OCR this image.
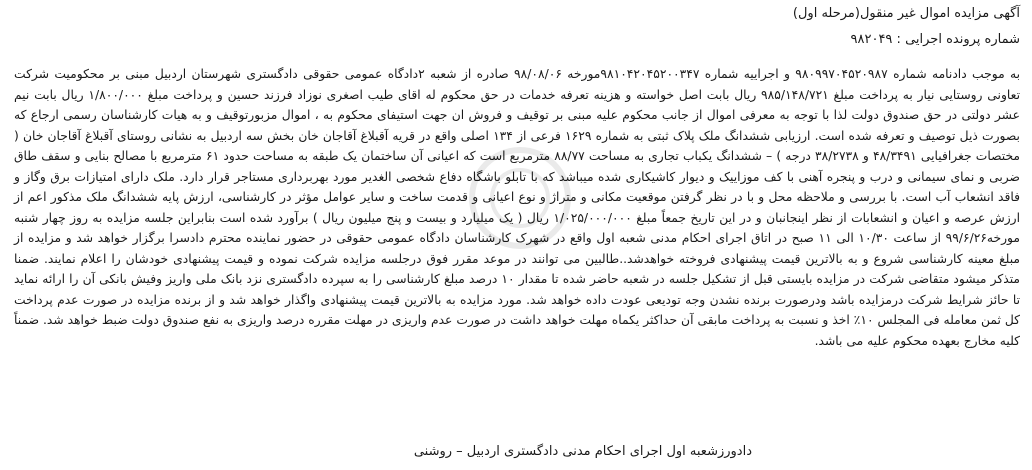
آگهی مزایده اموال غیر منقول(مرحله اول)
شماره پرونده اجرایی : ۹۸۲۰۴۹
به موجب دادنامه شماره ۹۸۰۹۹۷۰۴۵۲۰۹۸۷ و اجراییه شماره ۹۸۱۰۴۲۰۴۵۲۰۰۳۴۷مورخه ۹۸/۰۸/۰۶ صادره از شعبه ۲دادگاه عمومی حقوقی دادگستری شهرستان اردبیل مبنی بر محکومیت شرکت تعاونی روستایی نیار به پرداخت مبلغ ۹۸۵/۱۴۸/۷۲۱ ریال بابت اصل خواسته و هزینه تعرفه خدمات در حق محکوم له اقای طیب اصغری نوزاد فرزند حسین و پرداخت مبلغ ۱/۸۰۰/۰۰۰ ریال بابت نیم عشر دولتی در حق صندوق دولت لذا با توجه به معرفی اموال از جانب محکوم علیه مبنی بر توقیف و فروش ان جهت استیفای محکوم به ، اموال مزبورتوقیف و به هیات کارشناسان رسمی ارجاع که بصورت ذیل توصیف و تعرفه شده است. ارزیابی ششدانگ ملک پلاک ثبتی به شماره ۱۶۲۹ فرعی از ۱۳۴ اصلی واقع در قریه آقبلاغ آقاجان خان بخش سه اردبیل به نشانی روستای آقبلاغ آقاجان خان ( مختصات جغرافیایی ۴۸/۳۴۹۱ و ۳۸/۲۷۳۸ درجه ) – ششدانگ یکباب تجاری به مساحت ۸۸/۷۷ مترمربع است که اعیانی آن ساختمان یک طبقه به مساحت حدود ۶۱ مترمربع با مصالح بنایی و سقف طاق ضربی و نمای سیمانی و درب و پنجره آهنی با کف موزاییک و دیوار کاشیکاری شده میباشد که با تابلو باشگاه دفاع شخصی الغدیر مورد بهربرداری مستاجر قرار دارد. ملک دارای امتیازات برق وگاز و فاقد انشعاب آب است. با بررسی و ملاحظه محل و با در نظر گرفتن موقعیت مکانی و متراژ و نوع اعیانی و قدمت ساخت و سایر عوامل مؤثر در کارشناسی، ارزش پایه ششدانگ ملک مذکور اعم از ارزش عرصه و اعیان و انشعابات از نظر اینجانبان و در این تاریخ جمعاً مبلغ ۱/۰۲۵/۰۰۰/۰۰۰ ریال ( یک میلیارد و بیست و پنج میلیون ریال ) برآورد شده است بنابراین جلسه مزایده به روز چهار شنبه مورخه۹۹/۶/۲۶ از ساعت ۱۰/۳۰ الی ۱۱ صبح در اتاق اجرای احکام مدنی شعبه اول واقع در شهرک کارشناسان دادگاه عمومی حقوقی در حضور نماینده محترم دادسرا برگزار خواهد شد و مزایده از مبلغ معینه کارشناسی شروع و به بالاترین قیمت پیشنهادی فروخته خواهدشد..طالبین می توانند در موعد مقرر فوق درجلسه مزایده شرکت نموده و قیمت پیشنهادی خودشان را اعلام نمایند. ضمنا متذکر میشود متقاضی شرکت در مزایده بایستی قبل از تشکیل جلسه در شعبه حاضر شده تا مقدار ۱۰ درصد مبلغ کارشناسی را به سپرده دادگستری نزد بانک ملی واریز وفیش بانکی آن را ارائه نماید تا حائز شرایط شرکت درمزایده باشد ودرصورت برنده نشدن وجه تودیعی عودت داده خواهد شد. مورد مزایده به بالاترین قیمت پیشنهادی واگذار خواهد شد و از برنده مزایده در صورت عدم پرداخت کل ثمن معامله فی المجلس ۱۰٪ اخذ و نسبت به پرداخت مابقی آن حداکثر یکماه مهلت خواهد داشت در صورت عدم واریزی در مهلت مقرره درصد واریزی به نفع صندوق دولت ضبط خواهد شد. ضمناً کلیه مخارج بعهده محکوم علیه می باشد.
دادورزشعبه اول اجرای احکام مدنی دادگستری اردبیل – روشنی
